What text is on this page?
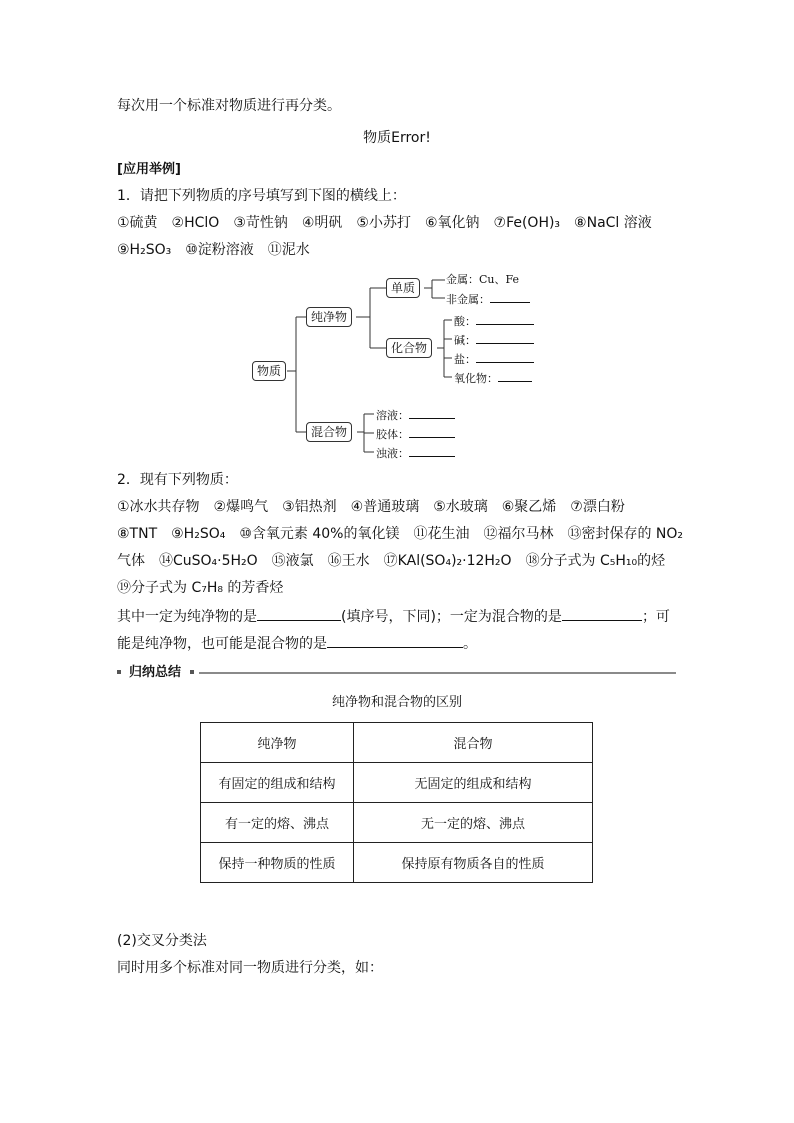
每次用一个标准对物质进行再分类。
物质Error!
[应用举例]
1．请把下列物质的序号填写到下图的横线上：
①硫黄　②HClO　③苛性钠　④明矾　⑤小苏打　⑥氧化钠　⑦Fe(OH)₃　⑧NaCl 溶液
⑨H₂SO₃　⑩淀粉溶液　⑪泥水
物质
纯净物
单质
化合物
混合物
金属：Cu、Fe
非金属：
酸：
碱：
盐：
氧化物：
溶液：
胶体：
浊液：
2．现有下列物质：
①冰水共存物　②爆鸣气　③铝热剂　④普通玻璃　⑤水玻璃　⑥聚乙烯　⑦漂白粉
⑧TNT　⑨H₂SO₄　⑩含氧元素 40%的氧化镁　⑪花生油　⑫福尔马林　⑬密封保存的 NO₂
气体　⑭CuSO₄·5H₂O　⑮液氯　⑯王水　⑰KAl(SO₄)₂·12H₂O　⑱分子式为 C₅H₁₀的烃
⑲分子式为 C₇H₈ 的芳香烃
其中一定为纯净物的是	(填序号，下同)；一定为混合物的是	；可
能是纯净物，也可能是混合物的是	。
归纳总结
纯净物和混合物的区别
纯净物	混合物
有固定的组成和结构	无固定的组成和结构
有一定的熔、沸点	无一定的熔、沸点
保持一种物质的性质	保持原有物质各自的性质
(2)交叉分类法
同时用多个标准对同一物质进行分类，如：
